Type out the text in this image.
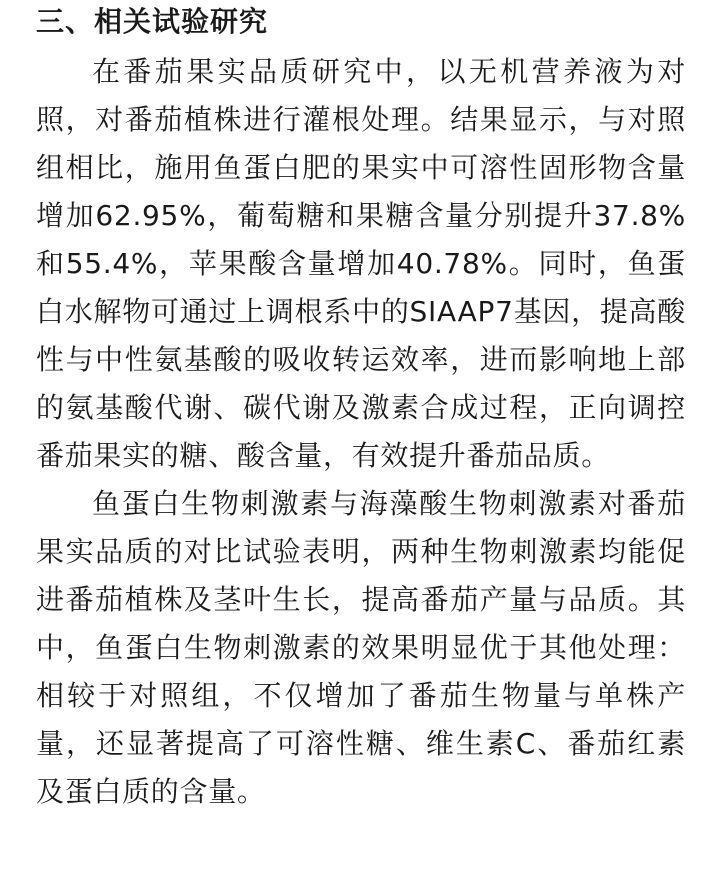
三、相关试验研究

在番茄果实品质研究中，以无机营养液为对照，对番茄植株进行灌根处理。结果显示，与对照组相比，施用鱼蛋白肥的果实中可溶性固形物含量增加62.95%，葡萄糖和果糖含量分别提升37.8%和55.4%，苹果酸含量增加40.78%。同时，鱼蛋白水解物可通过上调根系中的SIAAP7基因，提高酸性与中性氨基酸的吸收转运效率，进而影响地上部的氨基酸代谢、碳代谢及激素合成过程，正向调控番茄果实的糖、酸含量，有效提升番茄品质。

鱼蛋白生物刺激素与海藻酸生物刺激素对番茄果实品质的对比试验表明，两种生物刺激素均能促进番茄植株及茎叶生长，提高番茄产量与品质。其中，鱼蛋白生物刺激素的效果明显优于其他处理：相较于对照组，不仅增加了番茄生物量与单株产量，还显著提高了可溶性糖、维生素C、番茄红素及蛋白质的含量。
